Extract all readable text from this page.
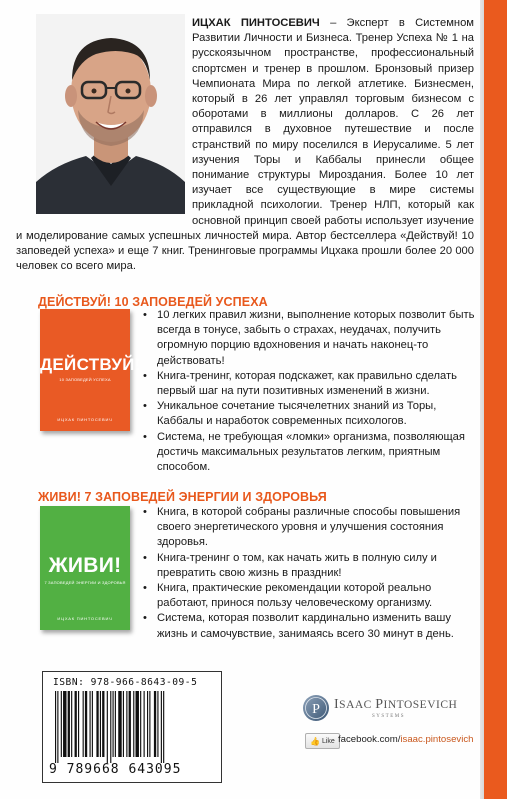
ИЦХАК ПИНТОСЕВИЧ – Эксперт в Системном Развитии Личности и Бизнеса. Тренер Успеха № 1 на русскоязычном пространстве, профессиональный спортсмен и тренер в прошлом. Бронзовый призер Чемпионата Мира по легкой атлетике. Бизнесмен, который в 26 лет управлял торговым бизнесом с оборотами в миллионы долларов. С 26 лет отправился в духовное путешествие и после странствий по миру поселился в Иерусалиме. 5 лет изучения Торы и Каббалы принесли общее понимание структуры Мироздания. Более 10 лет изучает все существующие в мире системы прикладной психологии. Тренер НЛП, который как основной принцип своей работы использует изучение и моделирование самых успешных личностей мира. Автор бестселлера «Действуй! 10 заповедей успеха» и еще 7 книг. Тренинговые программы Ицхака прошли более 20 000 человек со всего мира.
ДЕЙСТВУЙ! 10 ЗАПОВЕДЕЙ УСПЕХА
ДЕЙСТВУЙ!
10 ЗАПОВЕДЕЙ УСПЕХА
ИЦХАК ПИНТОСЕВИЧ
• 10 легких правил жизни, выполнение которых позволит быть всегда в тонусе, забыть о страхах, неудачах, получить огромную порцию вдохновения и начать наконец-то действовать!
• Книга-тренинг, которая подскажет, как правильно сделать первый шаг на пути позитивных изменений в жизни.
• Уникальное сочетание тысячелетних знаний из Торы, Каббалы и наработок современных психологов.
• Система, не требующая «ломки» организма, позволяющая достичь максимальных результатов легким, приятным способом.
ЖИВИ! 7 ЗАПОВЕДЕЙ ЭНЕРГИИ И ЗДОРОВЬЯ
ЖИВИ!
7 ЗАПОВЕДЕЙ ЭНЕРГИИ И ЗДОРОВЬЯ
ИЦХАК ПИНТОСЕВИЧ
• Книга, в которой собраны различные способы повышения своего энергетического уровня и улучшения состояния здоровья.
• Книга-тренинг о том, как начать жить в полную силу и превратить свою жизнь в праздник!
• Книга, практические рекомендации которой реально работают, принося пользу человеческому организму.
• Система, которая позволит кардинально изменить вашу жизнь и самочувствие, занимаясь всего 30 минут в день.
ISBN: 978-966-8643-09-5
9 789668 643095
P ISAAC PINTOSEVICH
SYSTEMS
👍 Like facebook.com/isaac.pintosevich
